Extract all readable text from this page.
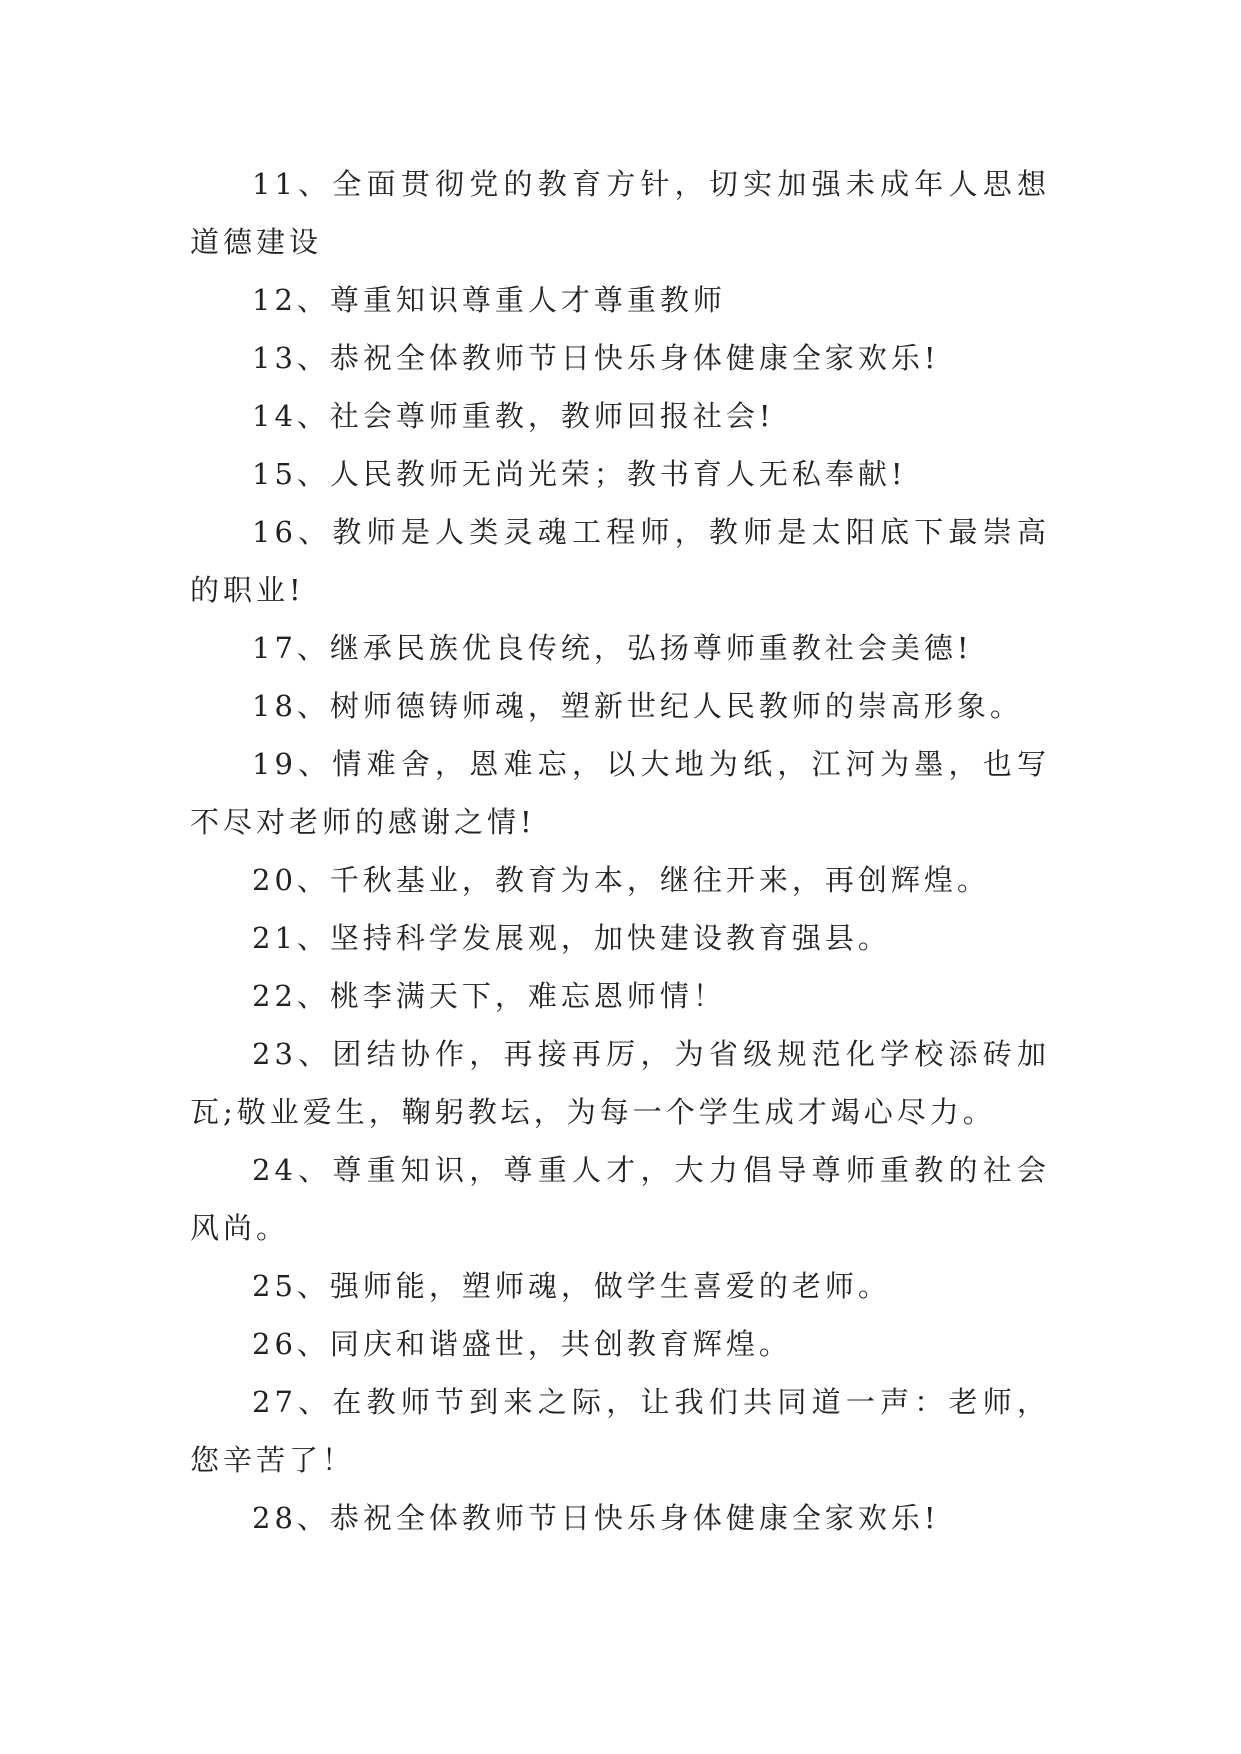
11、全面贯彻党的教育方针，切实加强未成年人思想道德建设

12、尊重知识尊重人才尊重教师

13、恭祝全体教师节日快乐身体健康全家欢乐!

14、社会尊师重教，教师回报社会!

15、人民教师无尚光荣；教书育人无私奉献!

16、教师是人类灵魂工程师，教师是太阳底下最崇高的职业!

17、继承民族优良传统，弘扬尊师重教社会美德!

18、树师德铸师魂，塑新世纪人民教师的崇高形象。

19、情难舍，恩难忘，以大地为纸，江河为墨，也写不尽对老师的感谢之情!

20、千秋基业，教育为本，继往开来，再创辉煌。

21、坚持科学发展观，加快建设教育强县。

22、桃李满天下，难忘恩师情！

23、团结协作，再接再厉，为省级规范化学校添砖加瓦;敬业爱生，鞠躬教坛，为每一个学生成才竭心尽力。

24、尊重知识，尊重人才，大力倡导尊师重教的社会风尚。

25、强师能，塑师魂，做学生喜爱的老师。

26、同庆和谐盛世，共创教育辉煌。

27、在教师节到来之际，让我们共同道一声：老师，您辛苦了！

28、恭祝全体教师节日快乐身体健康全家欢乐!
